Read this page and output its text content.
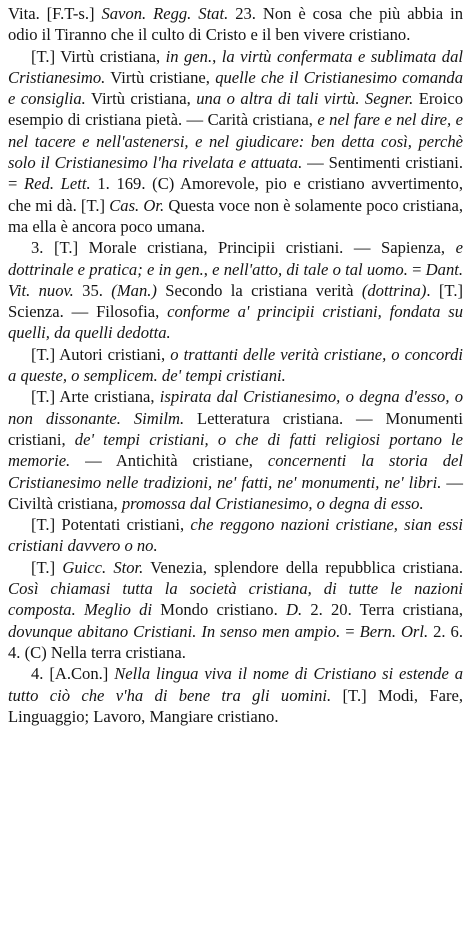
Vita. [F.T-s.] Savon. Regg. Stat. 23. Non è cosa che più abbia in odio il Tiranno che il culto di Cristo e il ben vivere cristiano.

[T.] Virtù cristiana, in gen., la virtù confermata e sublimata dal Cristianesimo. Virtù cristiane, quelle che il Cristianesimo comanda e consiglia. Virtù cristiana, una o altra di tali virtù. Segner. Eroico esempio di cristiana pietà. — Carità cristiana, e nel fare e nel dire, e nel tacere e nell'astenersi, e nel giudicare: ben detta così, perchè solo il Cristianesimo l'ha rivelata e attuata. — Sentimenti cristiani. = Red. Lett. 1. 169. (C) Amorevole, pio e cristiano avvertimento, che mi dà. [T.] Cas. Or. Questa voce non è solamente poco cristiana, ma ella è ancora poco umana.

3. [T.] Morale cristiana, Principii cristiani. — Sapienza, e dottrinale e pratica; e in gen., e nell'atto, di tale o tal uomo. = Dant. Vit. nuov. 35. (Man.) Secondo la cristiana verità (dottrina). [T.] Scienza. — Filosofia, conforme a' principii cristiani, fondata su quelli, da quelli dedotta.

[T.] Autori cristiani, o trattanti delle verità cristiane, o concordi a queste, o semplicem. de' tempi cristiani.

[T.] Arte cristiana, ispirata dal Cristianesimo, o degna d'esso, o non dissonante. Similm. Letteratura cristiana. — Monumenti cristiani, de' tempi cristiani, o che di fatti religiosi portano le memorie. — Antichità cristiane, concernenti la storia del Cristianesimo nelle tradizioni, ne' fatti, ne' monumenti, ne' libri. — Civiltà cristiana, promossa dal Cristianesimo, o degna di esso.

[T.] Potentati cristiani, che reggono nazioni cristiane, sian essi cristiani davvero o no.

[T.] Guicc. Stor. Venezia, splendore della repubblica cristiana. Così chiamasi tutta la società cristiana, di tutte le nazioni composta. Meglio di Mondo cristiano. D. 2. 20. Terra cristiana, dovunque abitano Cristiani. In senso men ampio. = Bern. Orl. 2. 6. 4. (C) Nella terra cristiana.

4. [A.Con.] Nella lingua viva il nome di Cristiano si estende a tutto ciò che v'ha di bene tra gli uomini. [T.] Modi, Fare, Linguaggio; Lavoro, Mangiare cristiano.
